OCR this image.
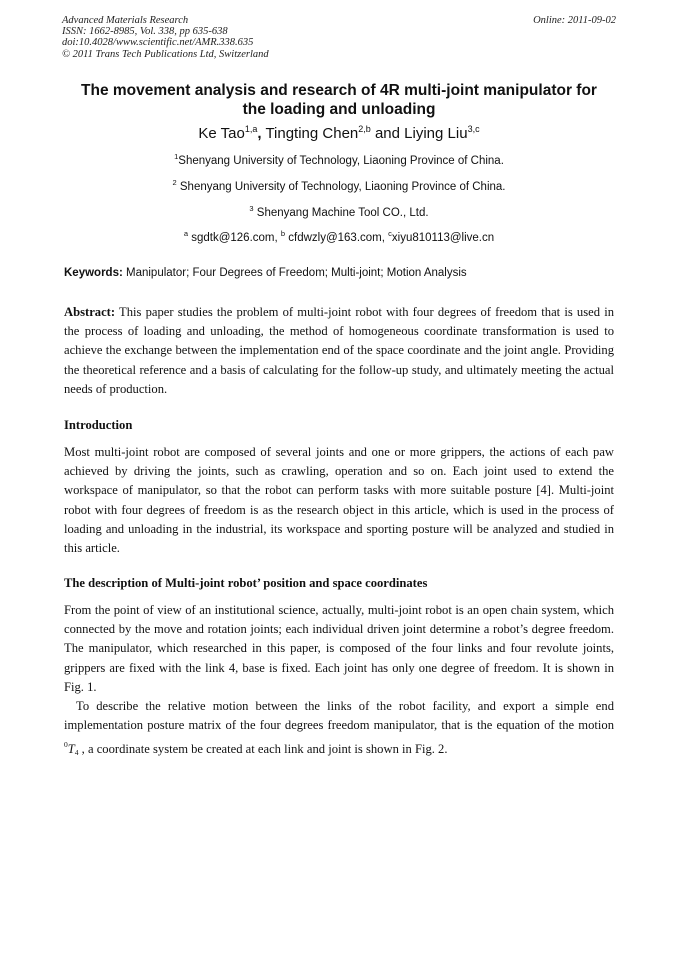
Advanced Materials Research
ISSN: 1662-8985, Vol. 338, pp 635-638
doi:10.4028/www.scientific.net/AMR.338.635
© 2011 Trans Tech Publications Ltd, Switzerland
Online: 2011-09-02
The movement analysis and research of 4R multi-joint manipulator for
the loading and unloading
Ke Tao$^{1,a}$, Tingting Chen$^{2,b}$ and Liying Liu$^{3,c}$
$^1$Shenyang University of Technology, Liaoning Province of China.
$^2$ Shenyang University of Technology, Liaoning Province of China.
$^3$ Shenyang Machine Tool CO., Ltd.
$^a$ sgdtk@126.com, $^b$ cfdwzly@163.com, $^c$xiyu810113@live.cn
Keywords: Manipulator; Four Degrees of Freedom; Multi-joint; Motion Analysis
Abstract: This paper studies the problem of multi-joint robot with four degrees of freedom that is used in the process of loading and unloading, the method of homogeneous coordinate transformation is used to achieve the exchange between the implementation end of the space coordinate and the joint angle. Providing the theoretical reference and a basis of calculating for the follow-up study, and ultimately meeting the actual needs of production.
Introduction
Most multi-joint robot are composed of several joints and one or more grippers, the actions of each paw achieved by driving the joints, such as crawling, operation and so on. Each joint used to extend the workspace of manipulator, so that the robot can perform tasks with more suitable posture [4]. Multi-joint robot with four degrees of freedom is as the research object in this article, which is used in the process of loading and unloading in the industrial, its workspace and sporting posture will be analyzed and studied in this article.
The description of Multi-joint robot’ position and space coordinates
From the point of view of an institutional science, actually, multi-joint robot is an open chain system, which connected by the move and rotation joints; each individual driven joint determine a robot’s degree freedom. The manipulator, which researched in this paper, is composed of the four links and four revolute joints, grippers are fixed with the link 4, base is fixed. Each joint has only one degree of freedom. It is shown in Fig. 1.
To describe the relative motion between the links of the robot facility, and export a simple end implementation posture matrix of the four degrees freedom manipulator, that is the equation of the motion $^0T_4$ , a coordinate system be created at each link and joint is shown in Fig. 2.
